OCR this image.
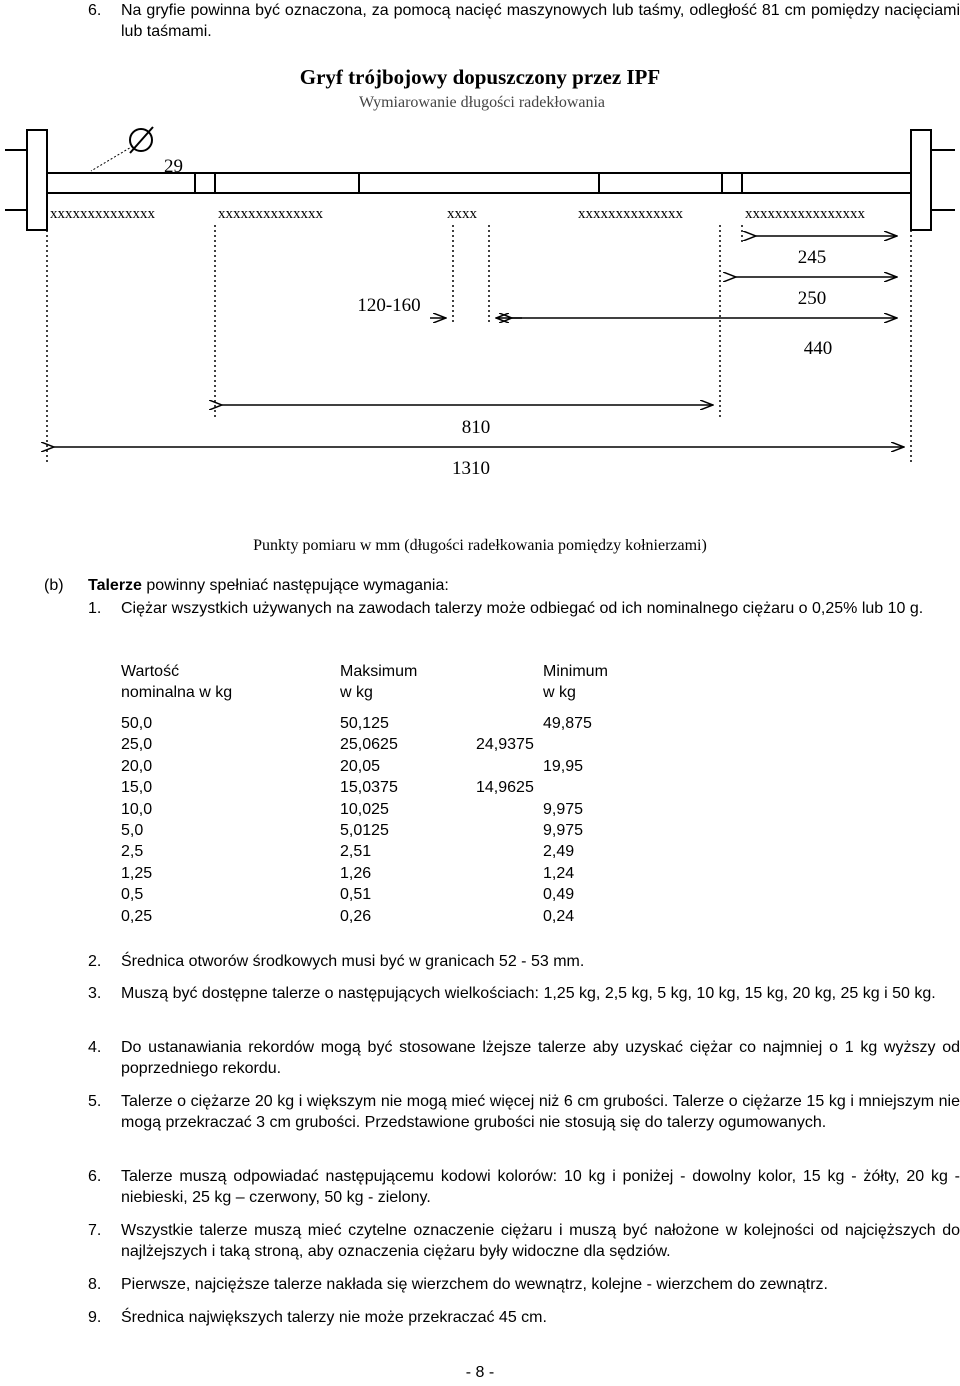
6.	Na gryfie powinna być oznaczona, za pomocą nacięć maszynowych lub taśmy, odległość 81 cm pomiędzy nacięciami lub taśmami.
Gryf trójbojowy dopuszczony przez IPF
Wymiarowanie długości radekłowania
29
xxxxxxxxxxxxxx	xxxxxxxxxxxxxx	xxxx	xxxxxxxxxxxxxx	xxxxxxxxxxxxxxxx
245
250
440
120-160
810
1310
Punkty pomiaru w mm (długości radełkowania pomiędzy kołnierzami)
(b) Talerze powinny spełniać następujące wymagania:
1.	Ciężar wszystkich używanych na zawodach talerzy może odbiegać od ich nominalnego ciężaru o 0,25% lub 10 g.
Wartość
nominalna w kg
Maksimum
w kg
Minimum
w kg
50,0	50,125	49,875
25,0	25,0625	24,9375
20,0	20,05	19,95
15,0	15,0375	14,9625
10,0	10,025	9,975
5,0	5,0125	9,975
2,5	2,51	2,49
1,25	1,26	1,24
0,5	0,51	0,49
0,25	0,26	0,24
2.	Średnica otworów środkowych musi być w granicach 52 - 53 mm.
3.	Muszą być dostępne talerze o następujących wielkościach: 1,25 kg, 2,5 kg, 5 kg, 10 kg, 15 kg, 20 kg, 25 kg i 50 kg.
4.	Do ustanawiania rekordów mogą być stosowane lżejsze talerze aby uzyskać ciężar co najmniej o 1 kg wyższy od poprzedniego rekordu.
5.	Talerze o ciężarze 20 kg i większym nie mogą mieć więcej niż 6 cm grubości. Talerze o ciężarze 15 kg i mniejszym nie mogą przekraczać 3 cm grubości. Przedstawione grubości nie stosują się do talerzy ogumowanych.
6.	Talerze muszą odpowiadać następującemu kodowi kolorów: 10 kg i poniżej - dowolny kolor, 15 kg - żółty, 20 kg - niebieski, 25 kg – czerwony, 50 kg - zielony.
7.	Wszystkie talerze muszą mieć czytelne oznaczenie ciężaru i muszą być nałożone w kolejności od najcięższych do najlżejszych i taką stroną, aby oznaczenia ciężaru były widoczne dla sędziów.
8.	Pierwsze, najcięższe talerze nakłada się wierzchem do wewnątrz, kolejne - wierzchem do zewnątrz.
9.	Średnica największych talerzy nie może przekraczać 45 cm.
- 8 -
